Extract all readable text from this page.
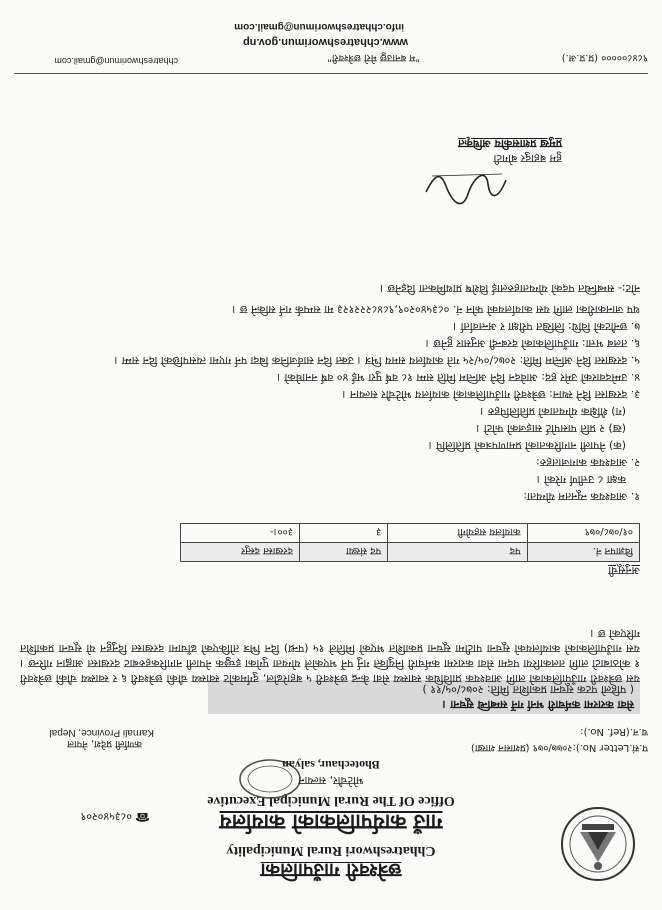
छत्रेश्वरी गाउँपालिका
Chhatreshwori Rural Municipality
गाउँ कार्यपालिकाको कार्यालय
Office Of The Rural Municipal Executive
☎
०८३५४०२०९
भोटेचौर, सल्यान
Bhotechaur, salyan
प.सं.Letter No.):२०७७/०७९ (प्रशासन शाखा)
च.न.(Ref. No.):
कर्णाली प्रदेश, नेपाल
Karnali Province, Nepal
सेवा करारमा कर्मचारी भर्ना गर्ने सम्बन्धि सूचना ।
( पहिलो पटक सूचना प्रकाशित मिति: २०७८/०५/११ )
यस छत्रेश्वरी गाउँपालिकाको लागि आवश्यक प्राविधिक स्वास्थ्य सेवा केन्द्र छत्रेश्वरी ५ बहारेढोल, दुर्गमकोट स्वास्थ्य चौकी छत्रेश्वरी ६ र स्वास्थ्य चौकी छत्रेश्वरी १ कोठाबाटो लागि तलकारिया पदमा सेवा करारमा कर्मचारी नियुक्ति गर्नु पर्ने भएकोले योग्यता पुगेका इच्छुक नेपाली नागरिकहरुबाट दरखास्त आह्वान गरिन्छ । यस गाउँपालिकाको कार्यालयको सूचना पाटीमा सूचना प्रकाशित भएको मितिले १५ (पन्ध्र) दिन भित्र तोकिएको ढाँचामा दरखास्त दिनुहुन यो सूचना प्रकाशित गरिएको छ ।
अनुसूची
विज्ञापन नं.	पद	पद संख्या	दरखास्त दस्तुर
०१/०७८/०७९	कार्यालय सहयोगी	३	३००।-
१. आवश्यक न्यूनतम योग्यता:
कक्षा ८ उत्तीर्ण गरेको ।
२. आवश्यक कागजातहरु:
(क) नेपाली नागरिकताको प्रमाणपत्रको प्रतिलिपि ।
(ख) २ प्रति पासपोर्ट साइजको फोटो ।
(ग) शैक्षिक योग्यताको प्रतिलिपिहरु ।
३. दरखास्त दिने स्थान: छत्रेश्वरी गाउँपालिकाको कार्यालय भोटेचौर सल्यान ।
४. उम्मेदवारको उमेर हद: आवेदन दिने अन्तिम मिति सम्म १८ वर्ष पुरा भई ४० वर्ष ननाघेको ।
५. दरखास्त दिने अन्तिम मिति: २०७८/०५/२५ गते कार्यालय समय भित्र । उक्त दिन सार्वजनिक बिदा पर्न गएमा त्यसपछिको दिन सम्म ।
६. तलब भत्ता: गाउँपालिकाको दरबन्दी अनुसार हुनेछ ।
७. छनौटको विधि: लिखित परीक्षा र अन्तर्वार्ता ।
थप जानकारीका लागि यस कार्यालयको फोन नं. ०८३५४०२०९,९८४८२२२१२३ मा सम्पर्क गर्न सकिने छ ।
नोट:- सम्बन्धित पदको योग्यताहरुलाई विशेष प्राथमिकता दिइनेछ ।
हुम बहादुर बोगटी
प्रमुख प्रशासकीय अधिकृत
९८४८००००० (प्र.प्र.अ.)
"म बनाउछु मेरो छत्रेश्वरी"
chhatreshworimun@gmail.com
www.chhatreshworimun.gov.np
info.chhatreshworimun@gmail.com
